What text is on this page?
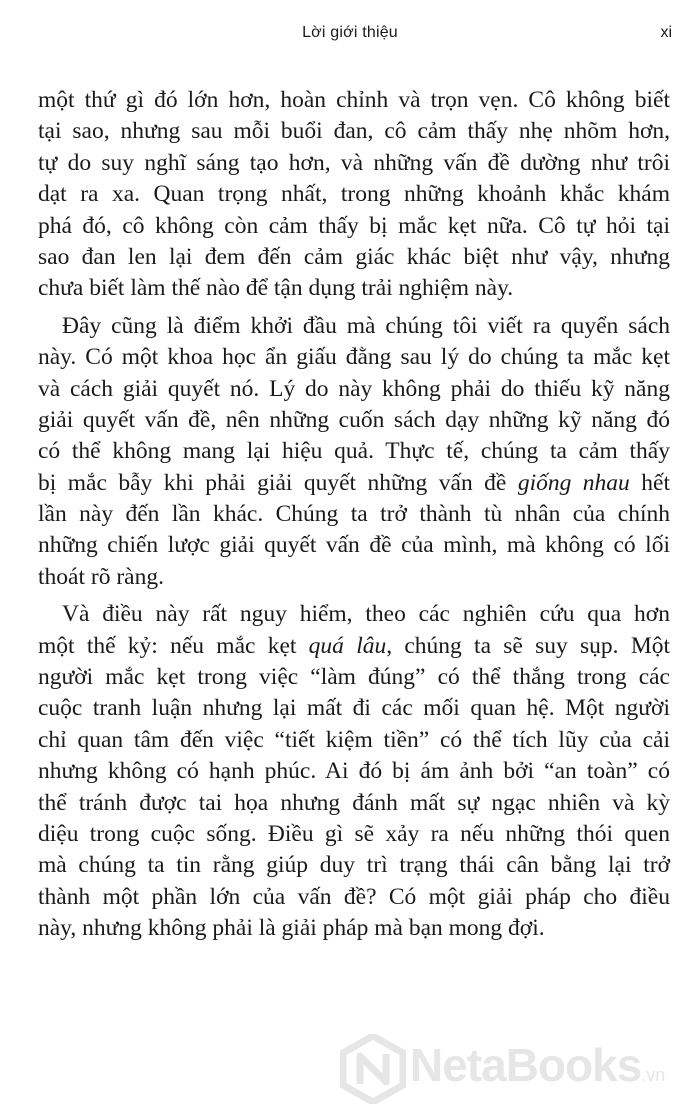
Lời giới thiệu	xi
một thứ gì đó lớn hơn, hoàn chỉnh và trọn vẹn. Cô không biết
tại sao, nhưng sau mỗi buổi đan, cô cảm thấy nhẹ nhõm hơn,
tự do suy nghĩ sáng tạo hơn, và những vấn đề dường như trôi
dạt ra xa. Quan trọng nhất, trong những khoảnh khắc khám
phá đó, cô không còn cảm thấy bị mắc kẹt nữa. Cô tự hỏi tại
sao đan len lại đem đến cảm giác khác biệt như vậy, nhưng
chưa biết làm thế nào để tận dụng trải nghiệm này.
Đây cũng là điểm khởi đầu mà chúng tôi viết ra quyển sách
này. Có một khoa học ẩn giấu đằng sau lý do chúng ta mắc kẹt
và cách giải quyết nó. Lý do này không phải do thiếu kỹ năng
giải quyết vấn đề, nên những cuốn sách dạy những kỹ năng đó
có thể không mang lại hiệu quả. Thực tế, chúng ta cảm thấy
bị mắc bẫy khi phải giải quyết những vấn đề giống nhau hết
lần này đến lần khác. Chúng ta trở thành tù nhân của chính
những chiến lược giải quyết vấn đề của mình, mà không có lối
thoát rõ ràng.
Và điều này rất nguy hiểm, theo các nghiên cứu qua hơn
một thế kỷ: nếu mắc kẹt quá lâu, chúng ta sẽ suy sụp. Một
người mắc kẹt trong việc “làm đúng” có thể thắng trong các
cuộc tranh luận nhưng lại mất đi các mối quan hệ. Một người
chỉ quan tâm đến việc “tiết kiệm tiền” có thể tích lũy của cải
nhưng không có hạnh phúc. Ai đó bị ám ảnh bởi “an toàn” có
thể tránh được tai họa nhưng đánh mất sự ngạc nhiên và kỳ
diệu trong cuộc sống. Điều gì sẽ xảy ra nếu những thói quen
mà chúng ta tin rằng giúp duy trì trạng thái cân bằng lại trở
thành một phần lớn của vấn đề? Có một giải pháp cho điều
này, nhưng không phải là giải pháp mà bạn mong đợi.
NetaBooks.vn
